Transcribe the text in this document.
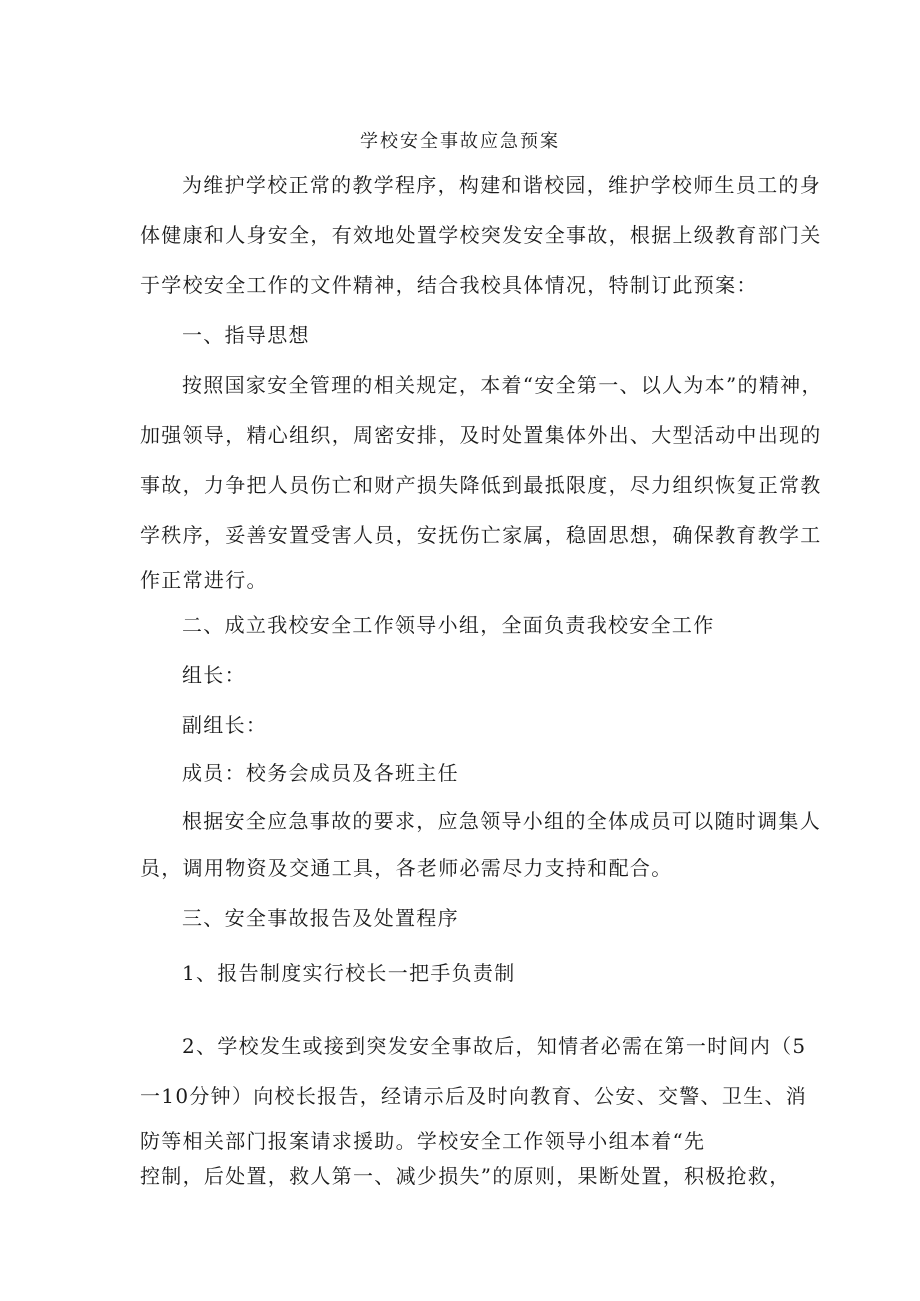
学校安全事故应急预案
为维护学校正常的教学程序，构建和谐校园，维护学校师生员工的身
体健康和人身安全，有效地处置学校突发安全事故，根据上级教育部门关
于学校安全工作的文件精神，结合我校具体情况，特制订此预案：
一、指导思想
按照国家安全管理的相关规定，本着“安全第一、以人为本”的精神，
加强领导，精心组织，周密安排，及时处置集体外出、大型活动中出现的
事故，力争把人员伤亡和财产损失降低到最抵限度，尽力组织恢复正常教
学秩序，妥善安置受害人员，安抚伤亡家属，稳固思想，确保教育教学工
作正常进行。
二、成立我校安全工作领导小组，全面负责我校安全工作
组长：
副组长：
成员：校务会成员及各班主任
根据安全应急事故的要求，应急领导小组的全体成员可以随时调集人
员，调用物资及交通工具，各老师必需尽力支持和配合。
三、安全事故报告及处置程序
1、报告制度实行校长一把手负责制
2、学校发生或接到突发安全事故后，知情者必需在第一时间内（5
一10分钟）向校长报告，经请示后及时向教育、公安、交警、卫生、消
防等相关部门报案请求援助。学校安全工作领导小组本着“先
控制，后处置，救人第一、减少损失”的原则，果断处置，积极抢救，
